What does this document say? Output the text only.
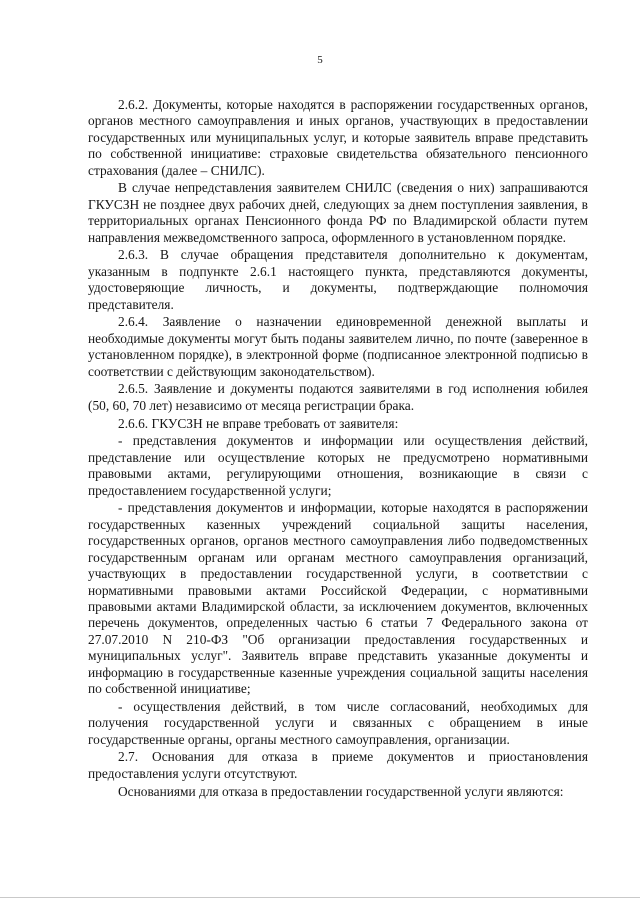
5

2.6.2. Документы, которые находятся в распоряжении государственных органов, органов местного самоуправления и иных органов, участвующих в предоставлении государственных или муниципальных услуг, и которые заявитель вправе представить по собственной инициативе: страховые свидетельства обязательного пенсионного страхования (далее – СНИЛС).

В случае непредставления заявителем СНИЛС (сведения о них) запрашиваются ГКУСЗН не позднее двух рабочих дней, следующих за днем поступления заявления, в территориальных органах Пенсионного фонда РФ по Владимирской области путем направления межведомственного запроса, оформленного в установленном порядке.

2.6.3. В случае обращения представителя дополнительно к документам, указанным в подпункте 2.6.1 настоящего пункта, представляются документы, удостоверяющие личность, и документы, подтверждающие полномочия представителя.

2.6.4. Заявление о назначении единовременной денежной выплаты и необходимые документы могут быть поданы заявителем лично, по почте (заверенное в установленном порядке), в электронной форме (подписанное электронной подписью в соответствии с действующим законодательством).

2.6.5. Заявление и документы подаются заявителями в год исполнения юбилея (50, 60, 70 лет) независимо от месяца регистрации брака.

2.6.6. ГКУСЗН не вправе требовать от заявителя:

- представления документов и информации или осуществления действий, представление или осуществление которых не предусмотрено нормативными правовыми актами, регулирующими отношения, возникающие в связи с предоставлением государственной услуги;

- представления документов и информации, которые находятся в распоряжении государственных казенных учреждений социальной защиты населения, государственных органов, органов местного самоуправления либо подведомственных государственным органам или органам местного самоуправления организаций, участвующих в предоставлении государственной услуги, в соответствии с нормативными правовыми актами Российской Федерации, с нормативными правовыми актами Владимирской области, за исключением документов, включенных перечень документов, определенных частью 6 статьи 7 Федерального закона от 27.07.2010 N 210-ФЗ "Об организации предоставления государственных и муниципальных услуг". Заявитель вправе представить указанные документы и информацию в государственные казенные учреждения социальной защиты населения по собственной инициативе;

- осуществления действий, в том числе согласований, необходимых для получения государственной услуги и связанных с обращением в иные государственные органы, органы местного самоуправления, организации.

2.7. Основания для отказа в приеме документов и приостановления предоставления услуги отсутствуют.

Основаниями для отказа в предоставлении государственной услуги являются:
